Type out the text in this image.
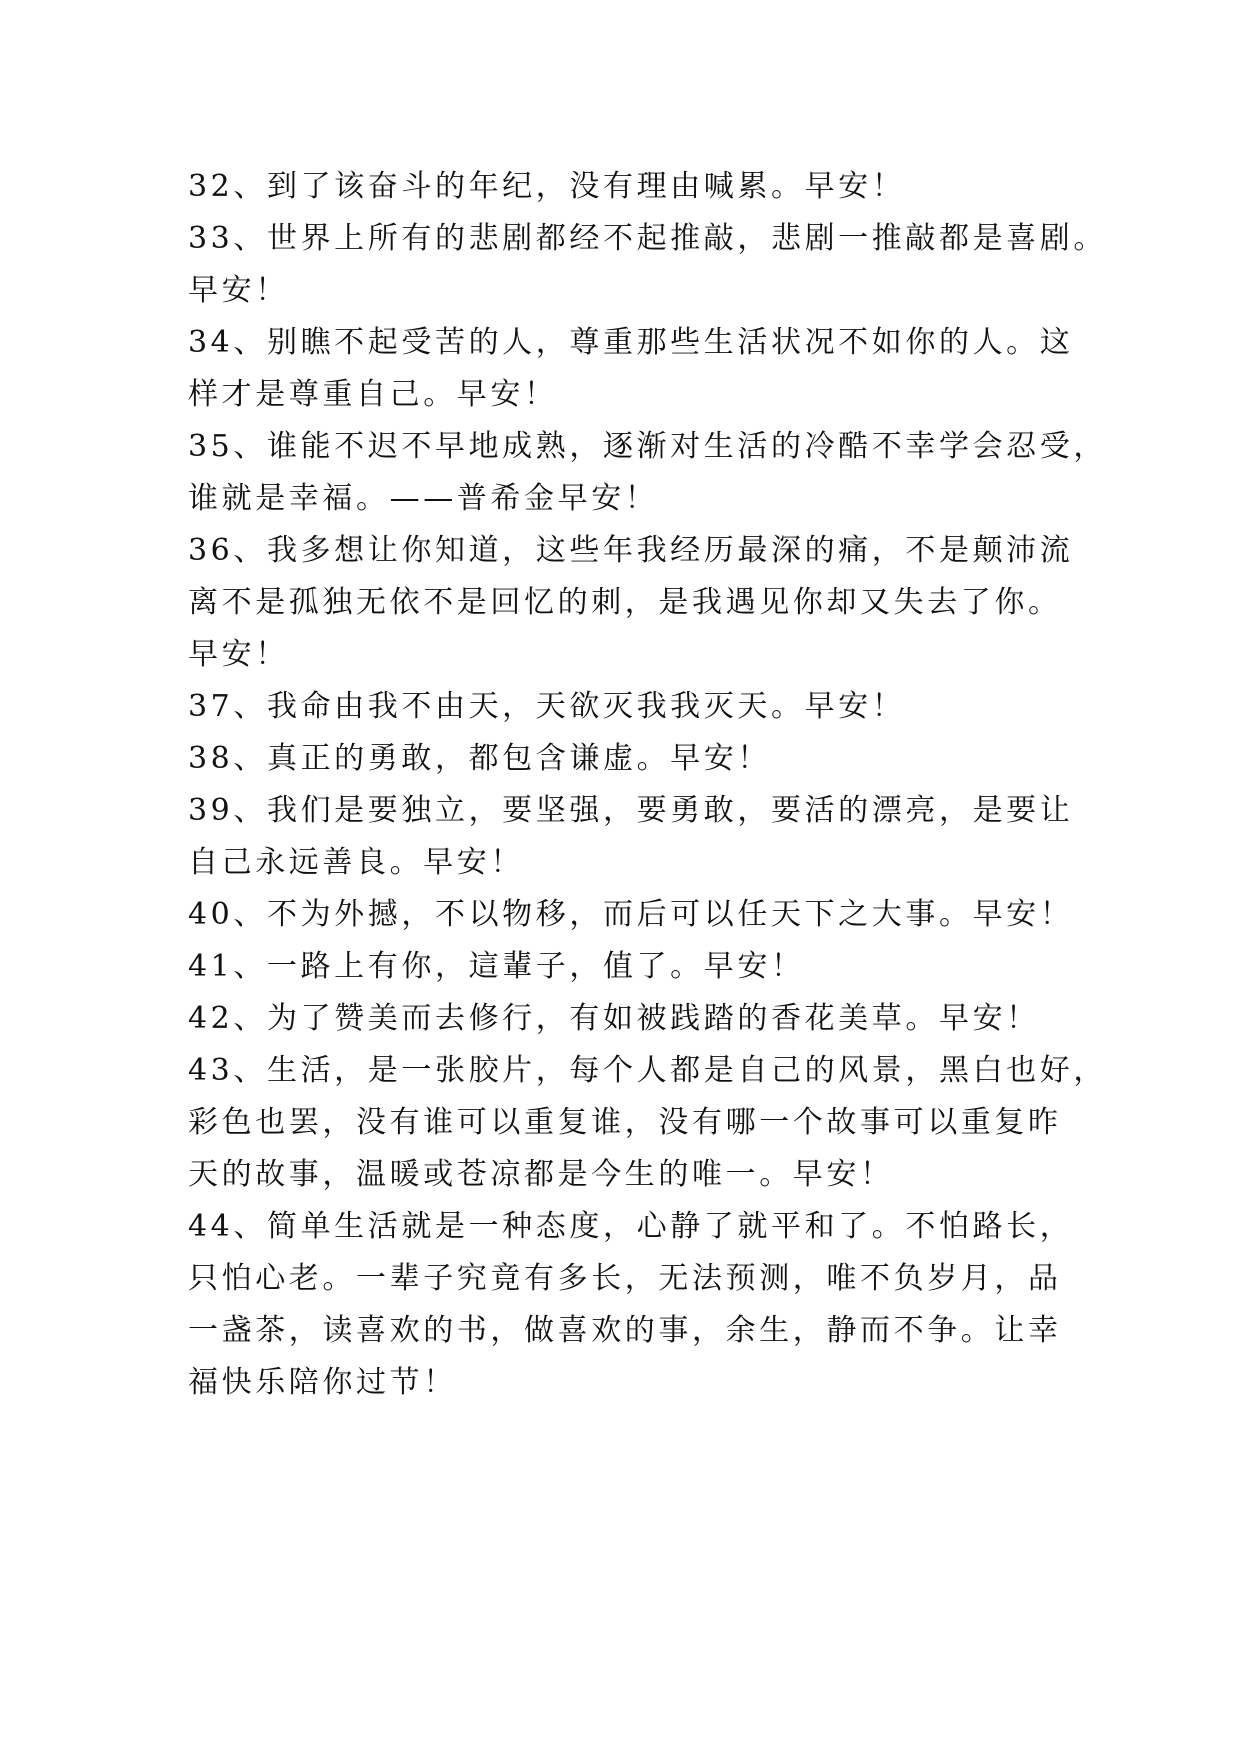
32、到了该奋斗的年纪，没有理由喊累。早安！
33、世界上所有的悲剧都经不起推敲，悲剧一推敲都是喜剧。
早安！
34、别瞧不起受苦的人，尊重那些生活状况不如你的人。这
样才是尊重自己。早安！
35、谁能不迟不早地成熟，逐渐对生活的冷酷不幸学会忍受，
谁就是幸福。——普希金早安！
36、我多想让你知道，这些年我经历最深的痛，不是颠沛流
离不是孤独无依不是回忆的刺，是我遇见你却又失去了你。
早安！
37、我命由我不由天，天欲灭我我灭天。早安！
38、真正的勇敢，都包含谦虚。早安！
39、我们是要独立，要坚强，要勇敢，要活的漂亮，是要让
自己永远善良。早安！
40、不为外撼，不以物移，而后可以任天下之大事。早安！
41、一路上有你，這輩子，值了。早安！
42、为了赞美而去修行，有如被践踏的香花美草。早安！
43、生活，是一张胶片，每个人都是自己的风景，黑白也好，
彩色也罢，没有谁可以重复谁，没有哪一个故事可以重复昨
天的故事，温暖或苍凉都是今生的唯一。早安！
44、简单生活就是一种态度，心静了就平和了。不怕路长，
只怕心老。一辈子究竟有多长，无法预测，唯不负岁月，品
一盏茶，读喜欢的书，做喜欢的事，余生，静而不争。让幸
福快乐陪你过节！
